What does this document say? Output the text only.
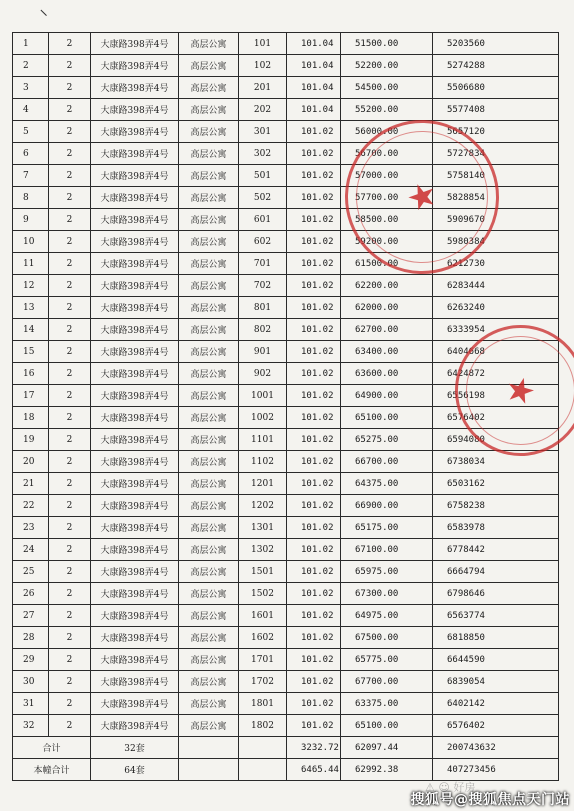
1	2	大康路398弄4号	高层公寓	101	101.04	51500.00	5203560
2	2	大康路398弄4号	高层公寓	102	101.04	52200.00	5274288
3	2	大康路398弄4号	高层公寓	201	101.04	54500.00	5506680
4	2	大康路398弄4号	高层公寓	202	101.04	55200.00	5577408
5	2	大康路398弄4号	高层公寓	301	101.02	56000.00	5657120
6	2	大康路398弄4号	高层公寓	302	101.02	56700.00	5727834
7	2	大康路398弄4号	高层公寓	501	101.02	57000.00	5758140
8	2	大康路398弄4号	高层公寓	502	101.02	57700.00	5828854
9	2	大康路398弄4号	高层公寓	601	101.02	58500.00	5909670
10	2	大康路398弄4号	高层公寓	602	101.02	59200.00	5980384
11	2	大康路398弄4号	高层公寓	701	101.02	61500.00	6212730
12	2	大康路398弄4号	高层公寓	702	101.02	62200.00	6283444
13	2	大康路398弄4号	高层公寓	801	101.02	62000.00	6263240
14	2	大康路398弄4号	高层公寓	802	101.02	62700.00	6333954
15	2	大康路398弄4号	高层公寓	901	101.02	63400.00	6404668
16	2	大康路398弄4号	高层公寓	902	101.02	63600.00	6424872
17	2	大康路398弄4号	高层公寓	1001	101.02	64900.00	6556198
18	2	大康路398弄4号	高层公寓	1002	101.02	65100.00	6576402
19	2	大康路398弄4号	高层公寓	1101	101.02	65275.00	6594080
20	2	大康路398弄4号	高层公寓	1102	101.02	66700.00	6738034
21	2	大康路398弄4号	高层公寓	1201	101.02	64375.00	6503162
22	2	大康路398弄4号	高层公寓	1202	101.02	66900.00	6758238
23	2	大康路398弄4号	高层公寓	1301	101.02	65175.00	6583978
24	2	大康路398弄4号	高层公寓	1302	101.02	67100.00	6778442
25	2	大康路398弄4号	高层公寓	1501	101.02	65975.00	6664794
26	2	大康路398弄4号	高层公寓	1502	101.02	67300.00	6798646
27	2	大康路398弄4号	高层公寓	1601	101.02	64975.00	6563774
28	2	大康路398弄4号	高层公寓	1602	101.02	67500.00	6818850
29	2	大康路398弄4号	高层公寓	1701	101.02	65775.00	6644590
30	2	大康路398弄4号	高层公寓	1702	101.02	67700.00	6839054
31	2	大康路398弄4号	高层公寓	1801	101.02	63375.00	6402142
32	2	大康路398弄4号	高层公寓	1802	101.02	65100.00	6576402
合计		32套			3232.72	62097.44	200743632
本幢合计		64套			6465.44	62992.38	407273456
★
★
⚠ ☺ 好房
搜狐号@搜狐焦点天门站
